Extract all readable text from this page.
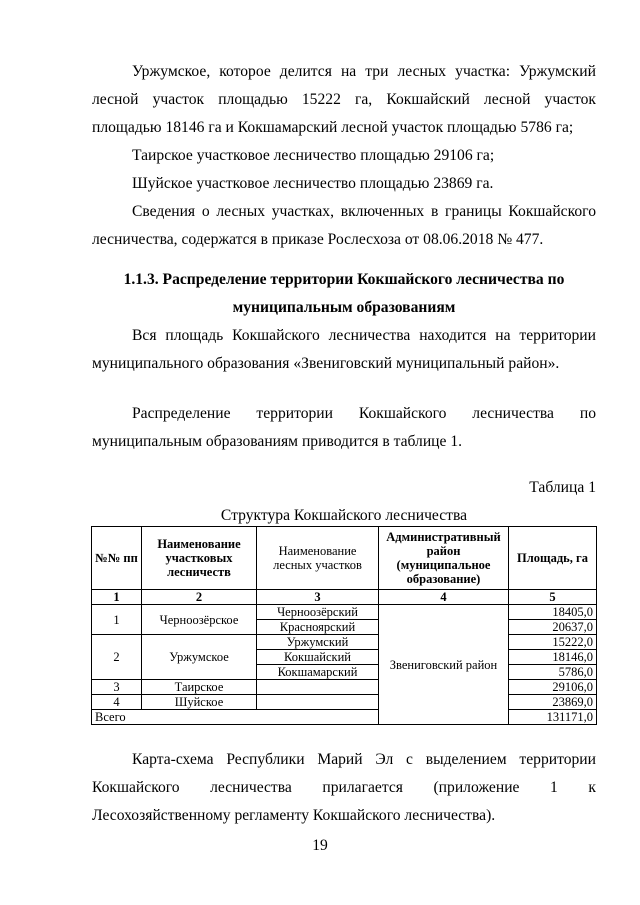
Уржумское, которое делится на три лесных участка: Уржумский лесной участок площадью 15222 га, Кокшайский лесной участок площадью 18146 га и Кокшамарский лесной участок площадью 5786 га;

Таирское участковое лесничество площадью 29106 га;

Шуйское участковое лесничество площадью 23869 га.

Сведения о лесных участках, включенных в границы Кокшайского лесничества, содержатся в приказе Рослесхоза от 08.06.2018 № 477.

1.1.3. Распределение территории Кокшайского лесничества по

муниципальным образованиям

Вся площадь Кокшайского лесничества находится на территории муниципального образования «Звениговский муниципальный район».

Распределение территории Кокшайского лесничества по муниципальным образованиям приводится в таблице 1.

Таблица 1
Структура Кокшайского лесничества
№№ пп	Наименование участковых лесничеств	Наименование лесных участков	Административный район (муниципальное образование)	Площадь, га
1	2	3	4	5
1	Черноозёрское	Черноозёрский	Звениговский район	18405,0
		Красноярский		20637,0
2	Уржумское	Уржумский		15222,0
		Кокшайский		18146,0
		Кокшамарский		5786,0
3	Таирское			29106,0
4	Шуйское			23869,0
Всего				131171,0

Карта-схема Республики Марий Эл с выделением территории Кокшайского лесничества прилагается (приложение 1 к Лесохозяйственному регламенту Кокшайского лесничества).

19
